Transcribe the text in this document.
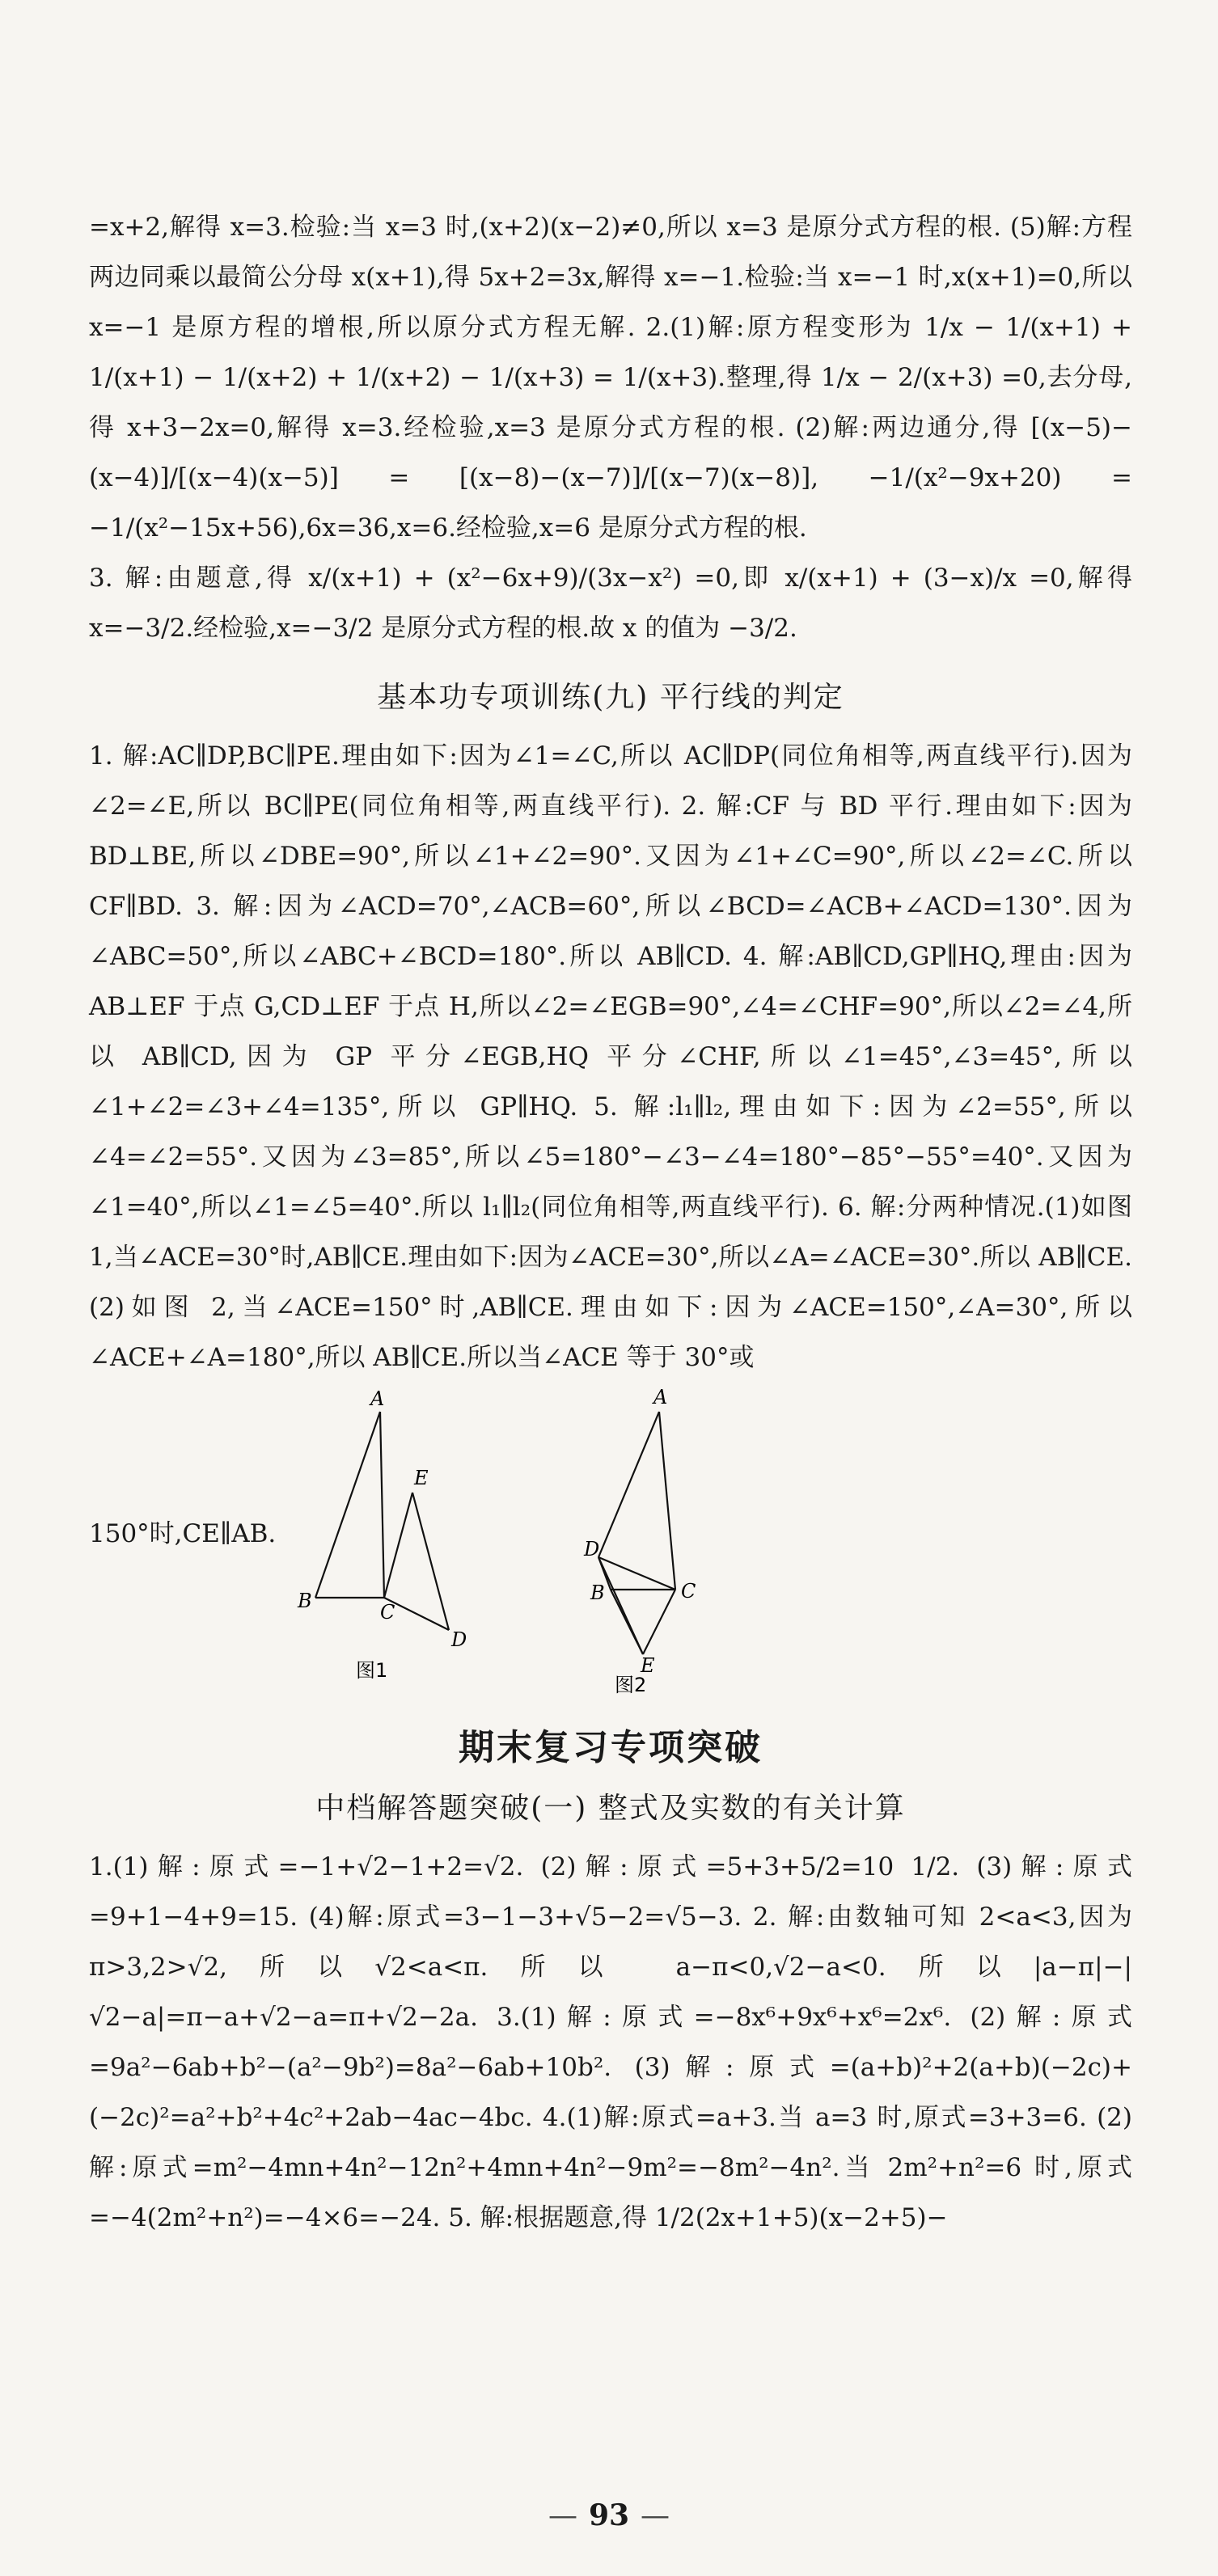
=x+2,解得 x=3.检验:当 x=3 时,(x+2)(x−2)≠0,所以 x=3 是原分式方程的根. (5)解:方程两边同乘以最简公分母 x(x+1),得 5x+2=3x,解得 x=−1.检验:当 x=−1 时,x(x+1)=0,所以 x=−1 是原方程的增根,所以原分式方程无解. 2.(1)解:原方程变形为 1/x − 1/(x+1) + 1/(x+1) − 1/(x+2) + 1/(x+2) − 1/(x+3) = 1/(x+3).整理,得 1/x − 2/(x+3) =0,去分母,得 x+3−2x=0,解得 x=3.经检验,x=3 是原分式方程的根. (2)解:两边通分,得 [(x−5)−(x−4)]/[(x−4)(x−5)] = [(x−8)−(x−7)]/[(x−7)(x−8)], −1/(x²−9x+20) = −1/(x²−15x+56),6x=36,x=6.经检验,x=6 是原分式方程的根.

3. 解:由题意,得 x/(x+1) + (x²−6x+9)/(3x−x²) =0,即 x/(x+1) + (3−x)/x =0,解得 x=−3/2.经检验,x=−3/2 是原分式方程的根.故 x 的值为 −3/2.

基本功专项训练(九) 平行线的判定

1. 解:AC∥DP,BC∥PE.理由如下:因为∠1=∠C,所以 AC∥DP(同位角相等,两直线平行).因为∠2=∠E,所以 BC∥PE(同位角相等,两直线平行). 2. 解:CF 与 BD 平行.理由如下:因为 BD⊥BE,所以∠DBE=90°,所以∠1+∠2=90°.又因为∠1+∠C=90°,所以∠2=∠C.所以 CF∥BD. 3. 解:因为∠ACD=70°,∠ACB=60°,所以∠BCD=∠ACB+∠ACD=130°.因为∠ABC=50°,所以∠ABC+∠BCD=180°.所以 AB∥CD. 4. 解:AB∥CD,GP∥HQ,理由:因为 AB⊥EF 于点 G,CD⊥EF 于点 H,所以∠2=∠EGB=90°,∠4=∠CHF=90°,所以∠2=∠4,所以 AB∥CD,因为 GP 平分∠EGB,HQ 平分∠CHF,所以∠1=45°,∠3=45°,所以∠1+∠2=∠3+∠4=135°,所以 GP∥HQ. 5. 解:l₁∥l₂,理由如下:因为∠2=55°,所以∠4=∠2=55°.又因为∠3=85°,所以∠5=180°−∠3−∠4=180°−85°−55°=40°.又因为∠1=40°,所以∠1=∠5=40°.所以 l₁∥l₂(同位角相等,两直线平行). 6. 解:分两种情况.(1)如图 1,当∠ACE=30°时,AB∥CE.理由如下:因为∠ACE=30°,所以∠A=∠ACE=30°.所以 AB∥CE. (2)如图 2,当∠ACE=150°时,AB∥CE.理由如下:因为∠ACE=150°,∠A=30°,所以∠ACE+∠A=180°,所以 AB∥CE.所以当∠ACE 等于 30°或

150°时,CE∥AB.
A
B	C
D
E
图1
A
D
B	C
E
图2
期末复习专项突破
中档解答题突破(一) 整式及实数的有关计算

1.(1)解:原式=−1+√2−1+2=√2. (2)解:原式=5+3+5/2=10 1/2. (3)解:原式=9+1−4+9=15. (4)解:原式=3−1−3+√5−2=√5−3. 2. 解:由数轴可知 2<a<3,因为 π>3,2>√2,所以√2<a<π.所以 a−π<0,√2−a<0.所以|a−π|−|√2−a|=π−a+√2−a=π+√2−2a. 3.(1)解:原式=−8x⁶+9x⁶+x⁶=2x⁶. (2)解:原式=9a²−6ab+b²−(a²−9b²)=8a²−6ab+10b². (3)解:原式=(a+b)²+2(a+b)(−2c)+(−2c)²=a²+b²+4c²+2ab−4ac−4bc. 4.(1)解:原式=a+3.当 a=3 时,原式=3+3=6. (2)解:原式=m²−4mn+4n²−12n²+4mn+4n²−9m²=−8m²−4n².当 2m²+n²=6 时,原式=−4(2m²+n²)=−4×6=−24. 5. 解:根据题意,得 1/2(2x+1+5)(x−2+5)−

— 93 —
